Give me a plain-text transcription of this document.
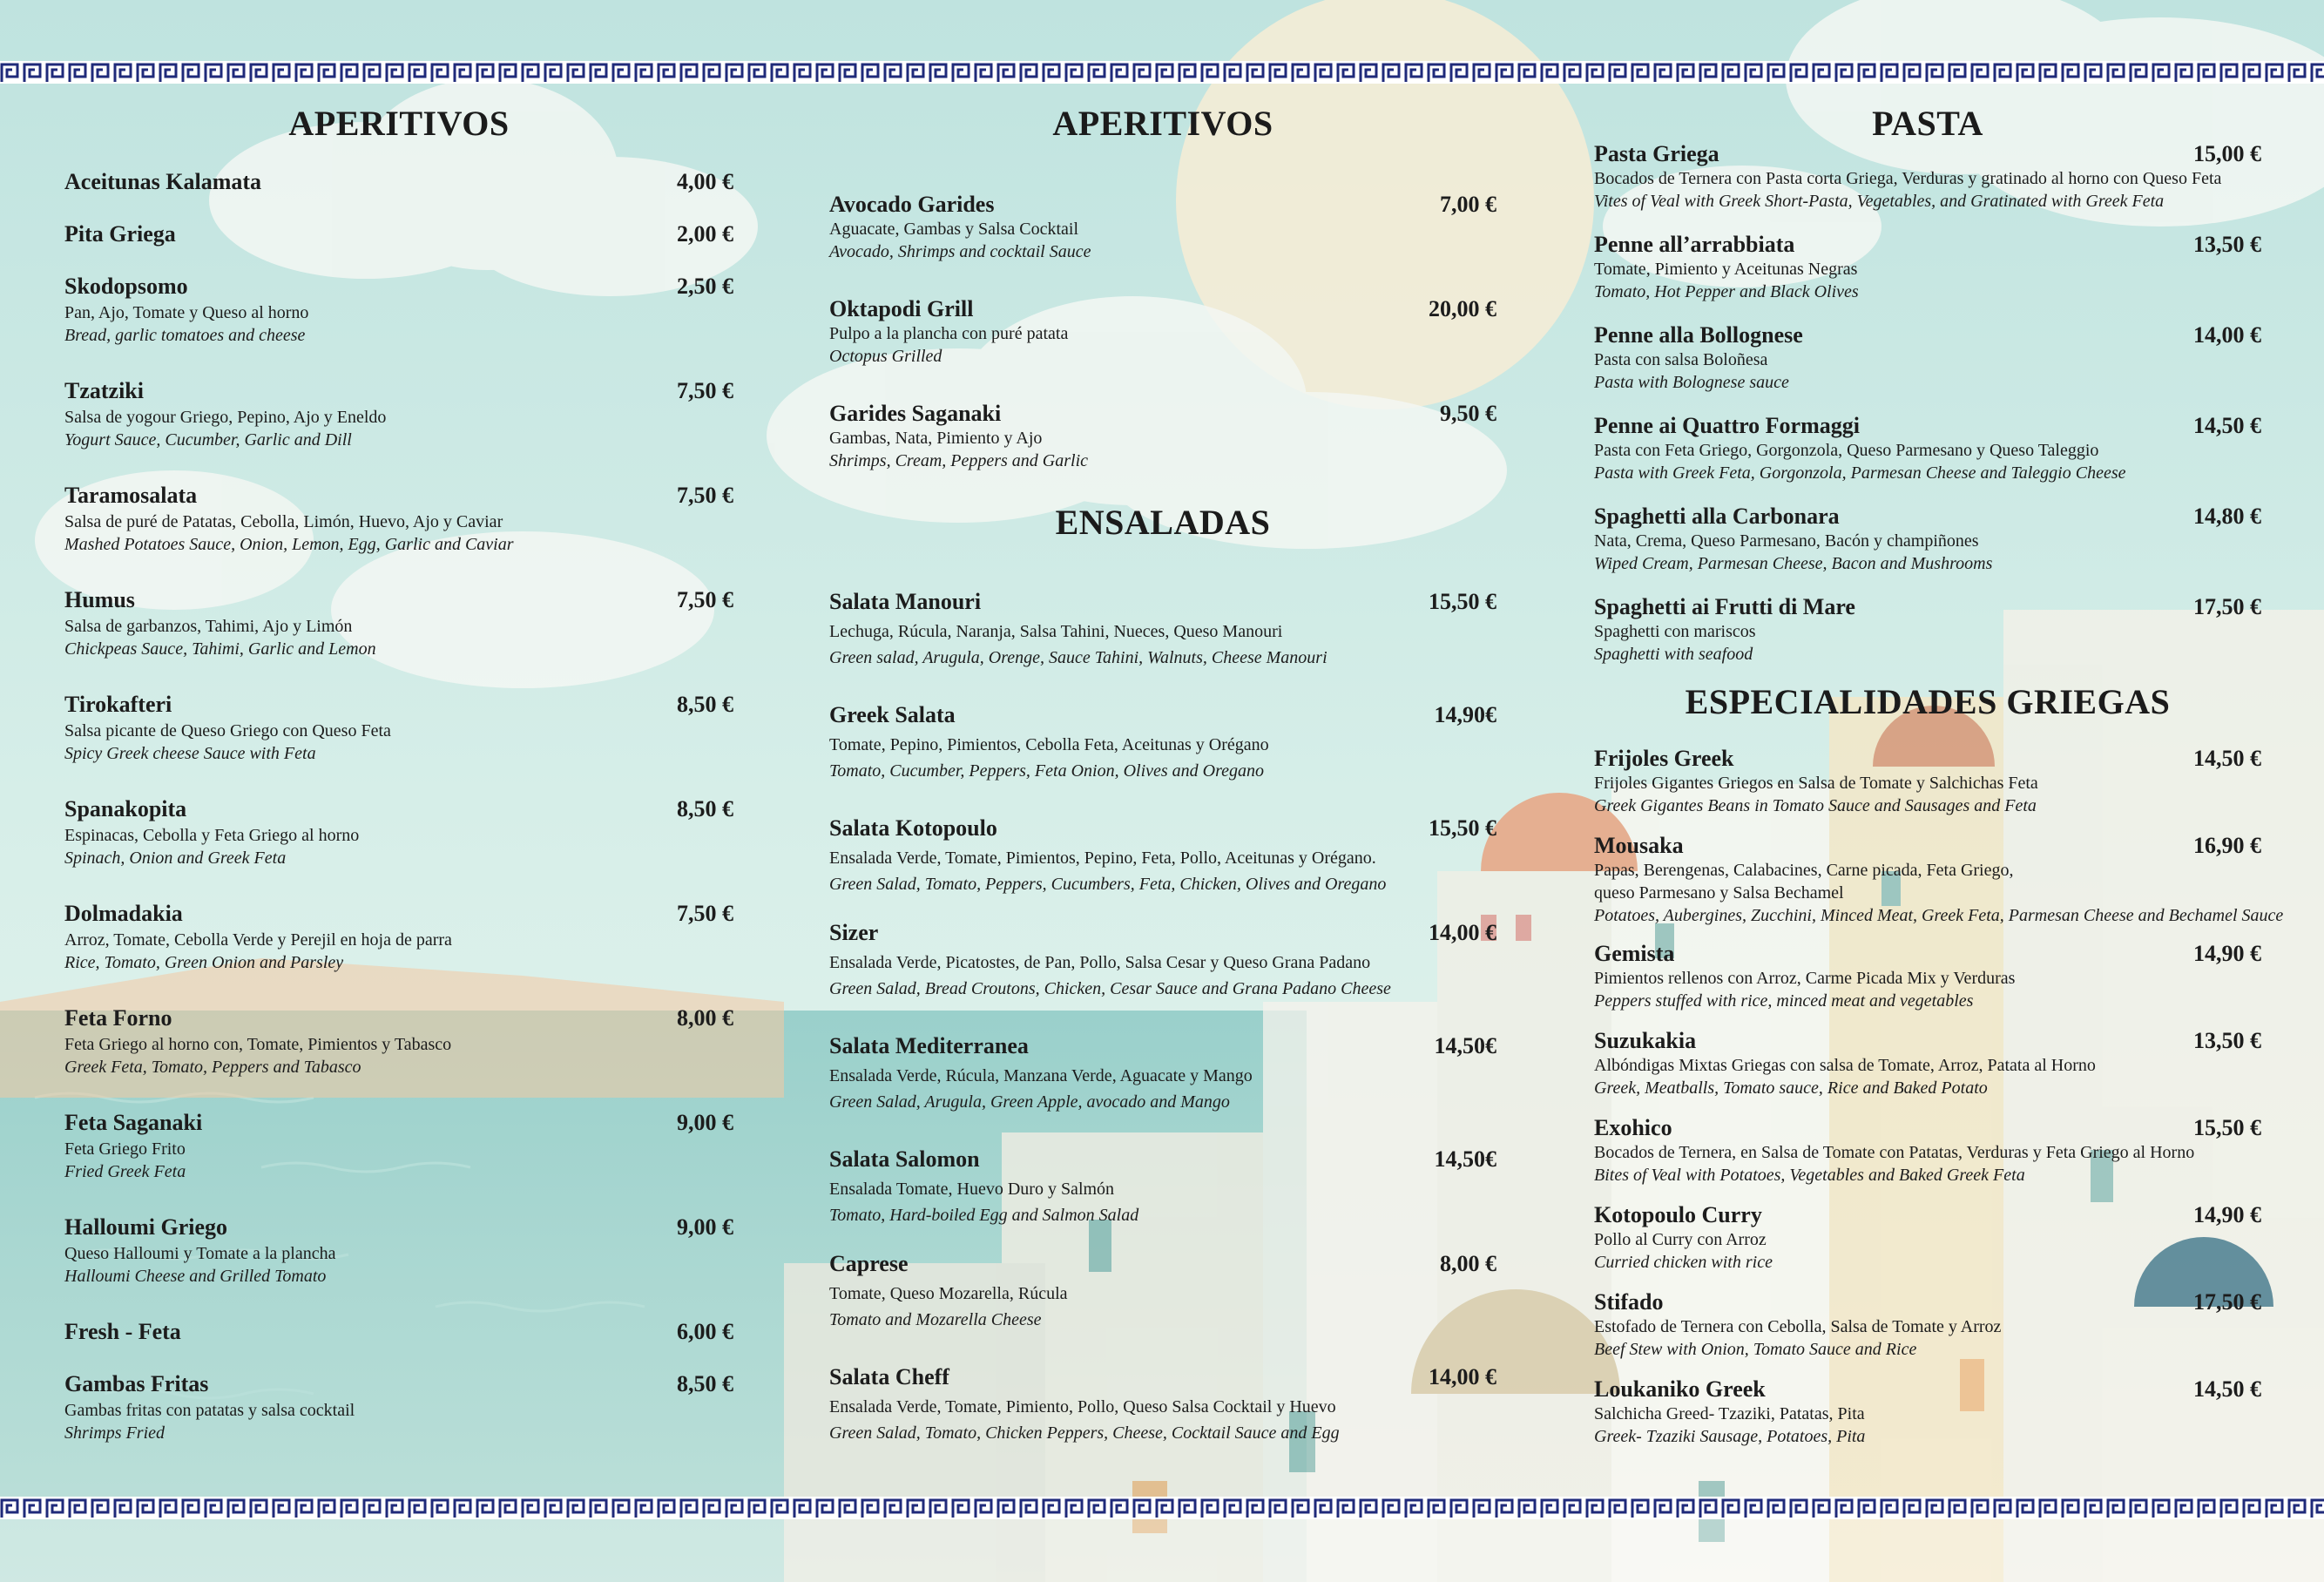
APERITIVOS
Aceitunas Kalamata	4,00 €
Pita Griega	2,00 €
Skodopsomo	2,50 €
Pan, Ajo, Tomate y Queso al horno
Bread, garlic tomatoes and cheese
Tzatziki	7,50 €
Salsa de yogour Griego, Pepino, Ajo y Eneldo
Yogurt Sauce, Cucumber, Garlic and Dill
Taramosalata	7,50 €
Salsa de puré de Patatas, Cebolla, Limón, Huevo, Ajo y Caviar
Mashed Potatoes Sauce, Onion, Lemon, Egg, Garlic and Caviar
Humus	7,50 €
Salsa de garbanzos, Tahimi, Ajo y Limón
Chickpeas Sauce, Tahimi, Garlic and Lemon
Tirokafteri	8,50 €
Salsa picante de Queso Griego con Queso Feta
Spicy Greek cheese Sauce with Feta
Spanakopita	8,50 €
Espinacas, Cebolla y Feta Griego al horno
Spinach, Onion and Greek Feta
Dolmadakia	7,50 €
Arroz, Tomate, Cebolla Verde y Perejil en hoja de parra
Rice, Tomato, Green Onion and Parsley
Feta Forno	8,00 €
Feta Griego al horno con, Tomate, Pimientos y Tabasco
Greek Feta, Tomato, Peppers and Tabasco
Feta Saganaki	9,00 €
Feta Griego Frito
Fried Greek Feta
Halloumi Griego	9,00 €
Queso Halloumi y Tomate a la plancha
Halloumi Cheese and Grilled Tomato
Fresh - Feta	6,00 €
Gambas Fritas	8,50 €
Gambas fritas con patatas y salsa cocktail
Shrimps Fried
APERITIVOS
Avocado Garides	7,00 €
Aguacate, Gambas y Salsa Cocktail
Avocado, Shrimps and cocktail Sauce
Oktapodi Grill	20,00 €
Pulpo a la plancha con puré patata
Octopus Grilled
Garides Saganaki	9,50 €
Gambas, Nata, Pimiento y Ajo
Shrimps, Cream, Peppers and Garlic
ENSALADAS
Salata Manouri	15,50 €
Lechuga, Rúcula, Naranja, Salsa Tahini, Nueces, Queso Manouri
Green salad, Arugula, Orenge, Sauce Tahini, Walnuts, Cheese Manouri
Greek Salata	14,90€
Tomate, Pepino, Pimientos, Cebolla Feta, Aceitunas y Orégano
Tomato, Cucumber, Peppers, Feta Onion, Olives and Oregano
Salata Kotopoulo	15,50 €
Ensalada Verde, Tomate, Pimientos, Pepino, Feta, Pollo, Aceitunas y Orégano.
Green Salad, Tomato, Peppers, Cucumbers, Feta, Chicken, Olives and Oregano
Sizer	14,00 €
Ensalada Verde, Picatostes, de Pan, Pollo, Salsa Cesar y Queso Grana Padano
Green Salad, Bread Croutons, Chicken, Cesar Sauce and Grana Padano Cheese
Salata Mediterranea	14,50€
Ensalada Verde, Rúcula, Manzana Verde, Aguacate y Mango
Green Salad, Arugula, Green Apple, avocado and Mango
Salata Salomon	14,50€
Ensalada Tomate, Huevo Duro y Salmón
Tomato, Hard-boiled Egg and Salmon Salad
Caprese	8,00 €
Tomate, Queso Mozarella, Rúcula
Tomato and Mozarella Cheese
Salata Cheff	14,00 €
Ensalada Verde, Tomate, Pimiento, Pollo, Queso Salsa Cocktail y Huevo
Green Salad, Tomato, Chicken Peppers, Cheese, Cocktail Sauce and Egg
PASTA
Pasta Griega	15,00 €
Bocados de Ternera con Pasta corta Griega, Verduras y gratinado al horno con Queso Feta
Vites of Veal with Greek Short-Pasta, Vegetables, and Gratinated with Greek Feta
Penne all’arrabbiata	13,50 €
Tomate, Pimiento y Aceitunas Negras
Tomato, Hot Pepper and Black Olives
Penne alla Bollognese	14,00 €
Pasta con salsa Boloñesa
Pasta with Bolognese sauce
Penne ai Quattro Formaggi	14,50 €
Pasta con Feta Griego, Gorgonzola, Queso Parmesano y Queso Taleggio
Pasta with Greek Feta, Gorgonzola, Parmesan Cheese and Taleggio Cheese
Spaghetti alla Carbonara	14,80 €
Nata, Crema, Queso Parmesano, Bacón y champiñones
Wiped Cream, Parmesan Cheese, Bacon and Mushrooms
Spaghetti ai Frutti di Mare	17,50 €
Spaghetti con mariscos
Spaghetti with seafood
ESPECIALIDADES GRIEGAS
Frijoles Greek	14,50 €
Frijoles Gigantes Griegos en Salsa de Tomate y Salchichas Feta
Greek Gigantes Beans in Tomato Sauce and Sausages and Feta
Mousaka	16,90 €
Papas, Berengenas, Calabacines, Carne picada, Feta Griego,
queso Parmesano y Salsa Bechamel
Potatoes, Aubergines, Zucchini, Minced Meat, Greek Feta, Parmesan Cheese and Bechamel Sauce
Gemista	14,90 €
Pimientos rellenos con Arroz, Carme Picada Mix y Verduras
Peppers stuffed with rice, minced meat and vegetables
Suzukakia	13,50 €
Albóndigas Mixtas Griegas con salsa de Tomate, Arroz, Patata al Horno
Greek, Meatballs, Tomato sauce, Rice and Baked Potato
Exohico	15,50 €
Bocados de Ternera, en Salsa de Tomate con Patatas, Verduras y Feta Griego al Horno
Bites of Veal with Potatoes, Vegetables and Baked Greek Feta
Kotopoulo Curry	14,90 €
Pollo al Curry con Arroz
Curried chicken with rice
Stifado	17,50 €
Estofado de Ternera con Cebolla, Salsa de Tomate y Arroz
Beef Stew with Onion, Tomato Sauce and Rice
Loukaniko Greek	14,50 €
Salchicha Greed- Tzaziki, Patatas, Pita
Greek- Tzaziki Sausage, Potatoes, Pita
